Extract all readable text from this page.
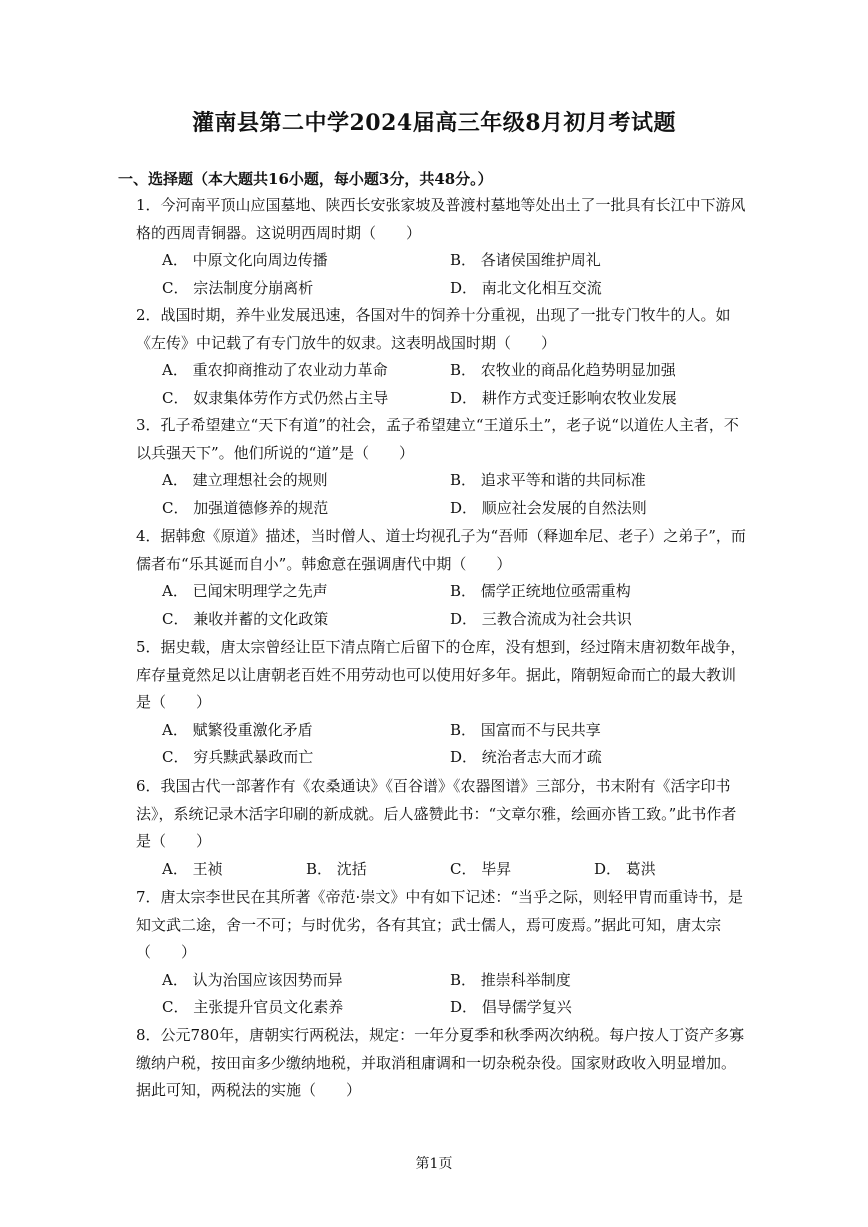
灌南县第二中学2024届高三年级8月初月考试题
一、选择题（本大题共16小题，每小题3分，共48分。）
1．今河南平顶山应国墓地、陕西长安张家坡及普渡村墓地等处出土了一批具有长江中下游风格的西周青铜器。这说明西周时期（　　）
A． 中原文化向周边传播	B． 各诸侯国维护周礼
C． 宗法制度分崩离析	D． 南北文化相互交流
2．战国时期，养牛业发展迅速，各国对牛的饲养十分重视，出现了一批专门牧牛的人。如《左传》中记载了有专门放牛的奴隶。这表明战国时期（　　）
A． 重农抑商推动了农业动力革命	B． 农牧业的商品化趋势明显加强
C． 奴隶集体劳作方式仍然占主导	D． 耕作方式变迁影响农牧业发展
3．孔子希望建立“天下有道”的社会，孟子希望建立“王道乐土”，老子说“以道佐人主者，不以兵强天下”。他们所说的“道”是（　　）
A． 建立理想社会的规则	B． 追求平等和谐的共同标准
C． 加强道德修养的规范	D． 顺应社会发展的自然法则
4．据韩愈《原道》描述，当时僧人、道士均视孔子为“吾师（释迦牟尼、老子）之弟子”，而儒者布“乐其诞而自小”。韩愈意在强调唐代中期（　　）
A． 已闻宋明理学之先声	B． 儒学正统地位亟需重构
C． 兼收并蓄的文化政策	D． 三教合流成为社会共识
5．据史载，唐太宗曾经让臣下清点隋亡后留下的仓库，没有想到，经过隋末唐初数年战争，库存量竟然足以让唐朝老百姓不用劳动也可以使用好多年。据此，隋朝短命而亡的最大教训是（　　）
A． 赋繁役重激化矛盾	B． 国富而不与民共享
C． 穷兵黩武暴政而亡	D． 统治者志大而才疏
6．我国古代一部著作有《农桑通诀》《百谷谱》《农器图谱》三部分，书末附有《活字印书法》，系统记录木活字印刷的新成就。后人盛赞此书：“文章尔雅，绘画亦皆工致。”此书作者是（　　）
A． 王祯	B． 沈括	C． 毕昇	D． 葛洪
7．唐太宗李世民在其所著《帝范·崇文》中有如下记述：“当乎之际，则轻甲胄而重诗书，是知文武二途，舍一不可；与时优劣，各有其宜；武士儒人，焉可废焉。”据此可知，唐太宗（　　）
A． 认为治国应该因势而异	B． 推崇科举制度
C． 主张提升官员文化素养	D． 倡导儒学复兴
8．公元780年，唐朝实行两税法，规定：一年分夏季和秋季两次纳税。每户按人丁资产多寡缴纳户税，按田亩多少缴纳地税，并取消租庸调和一切杂税杂役。国家财政收入明显增加。据此可知，两税法的实施（　　）
第1页
